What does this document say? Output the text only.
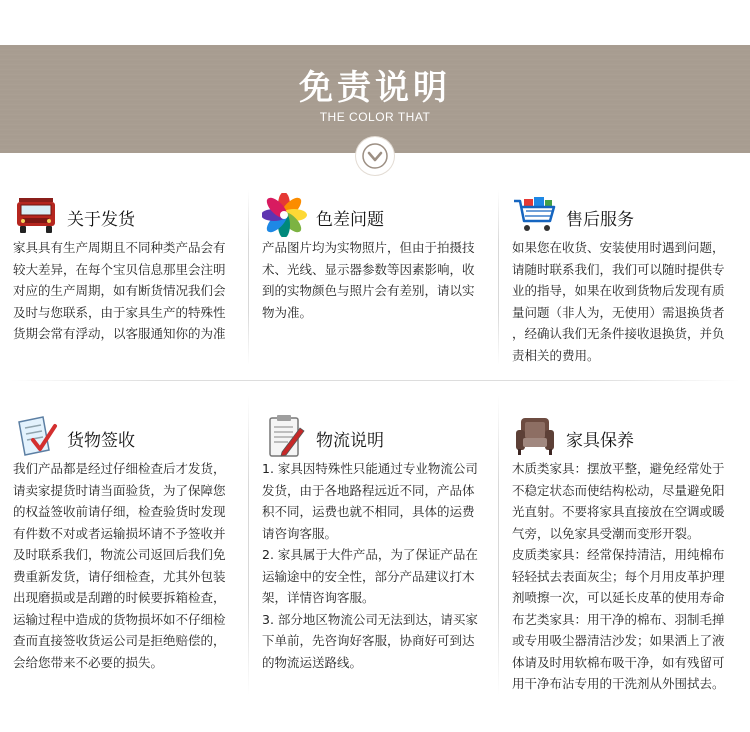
免责说明
THE COLOR THAT
关于发货

家具具有生产周期且不同种类产品会有

较大差异，在每个宝贝信息那里会注明

对应的生产周期，如有断货情况我们会

及时与您联系，由于家具生产的特殊性

货期会常有浮动，以客服通知你的为准

色差问题

产品图片均为实物照片，但由于拍摄技

术、光线、显示器参数等因素影响，收

到的实物颜色与照片会有差别，请以实

物为准。

售后服务

如果您在收货、安装使用时遇到问题，

请随时联系我们，我们可以随时提供专

业的指导，如果在收到货物后发现有质

量问题（非人为，无使用）需退换货者

，经确认我们无条件接收退换货，并负

责相关的费用。

货物签收

我们产品都是经过仔细检查后才发货，

请卖家提货时请当面验货，为了保障您

的权益签收前请仔细，检查验货时发现

有件数不对或者运输损坏请不予签收并

及时联系我们，物流公司返回后我们免

费重新发货，请仔细检查，尤其外包装

出现磨损或是刮蹭的时候要拆箱检查，

运输过程中造成的货物损坏如不仔细检

查而直接签收货运公司是拒绝赔偿的，

会给您带来不必要的损失。

物流说明

1. 家具因特殊性只能通过专业物流公司

发货，由于各地路程远近不同，产品体

积不同，运费也就不相同，具体的运费

请咨询客服。

2. 家具属于大件产品，为了保证产品在

运输途中的安全性，部分产品建议打木

架，详情咨询客服。

3. 部分地区物流公司无法到达，请买家

下单前，先咨询好客服，协商好可到达

的物流运送路线。

家具保养

木质类家具：摆放平整，避免经常处于

不稳定状态而使结构松动，尽量避免阳

光直射。不要将家具直接放在空调或暖

气旁，以免家具受潮而变形开裂。

皮质类家具：经常保持清洁，用纯棉布

轻轻拭去表面灰尘；每个月用皮革护理

剂喷擦一次，可以延长皮革的使用寿命

布艺类家具：用干净的棉布、羽制毛掸

或专用吸尘器清洁沙发；如果洒上了液

体请及时用软棉布吸干净，如有残留可

用干净布沾专用的干洗剂从外围拭去。
